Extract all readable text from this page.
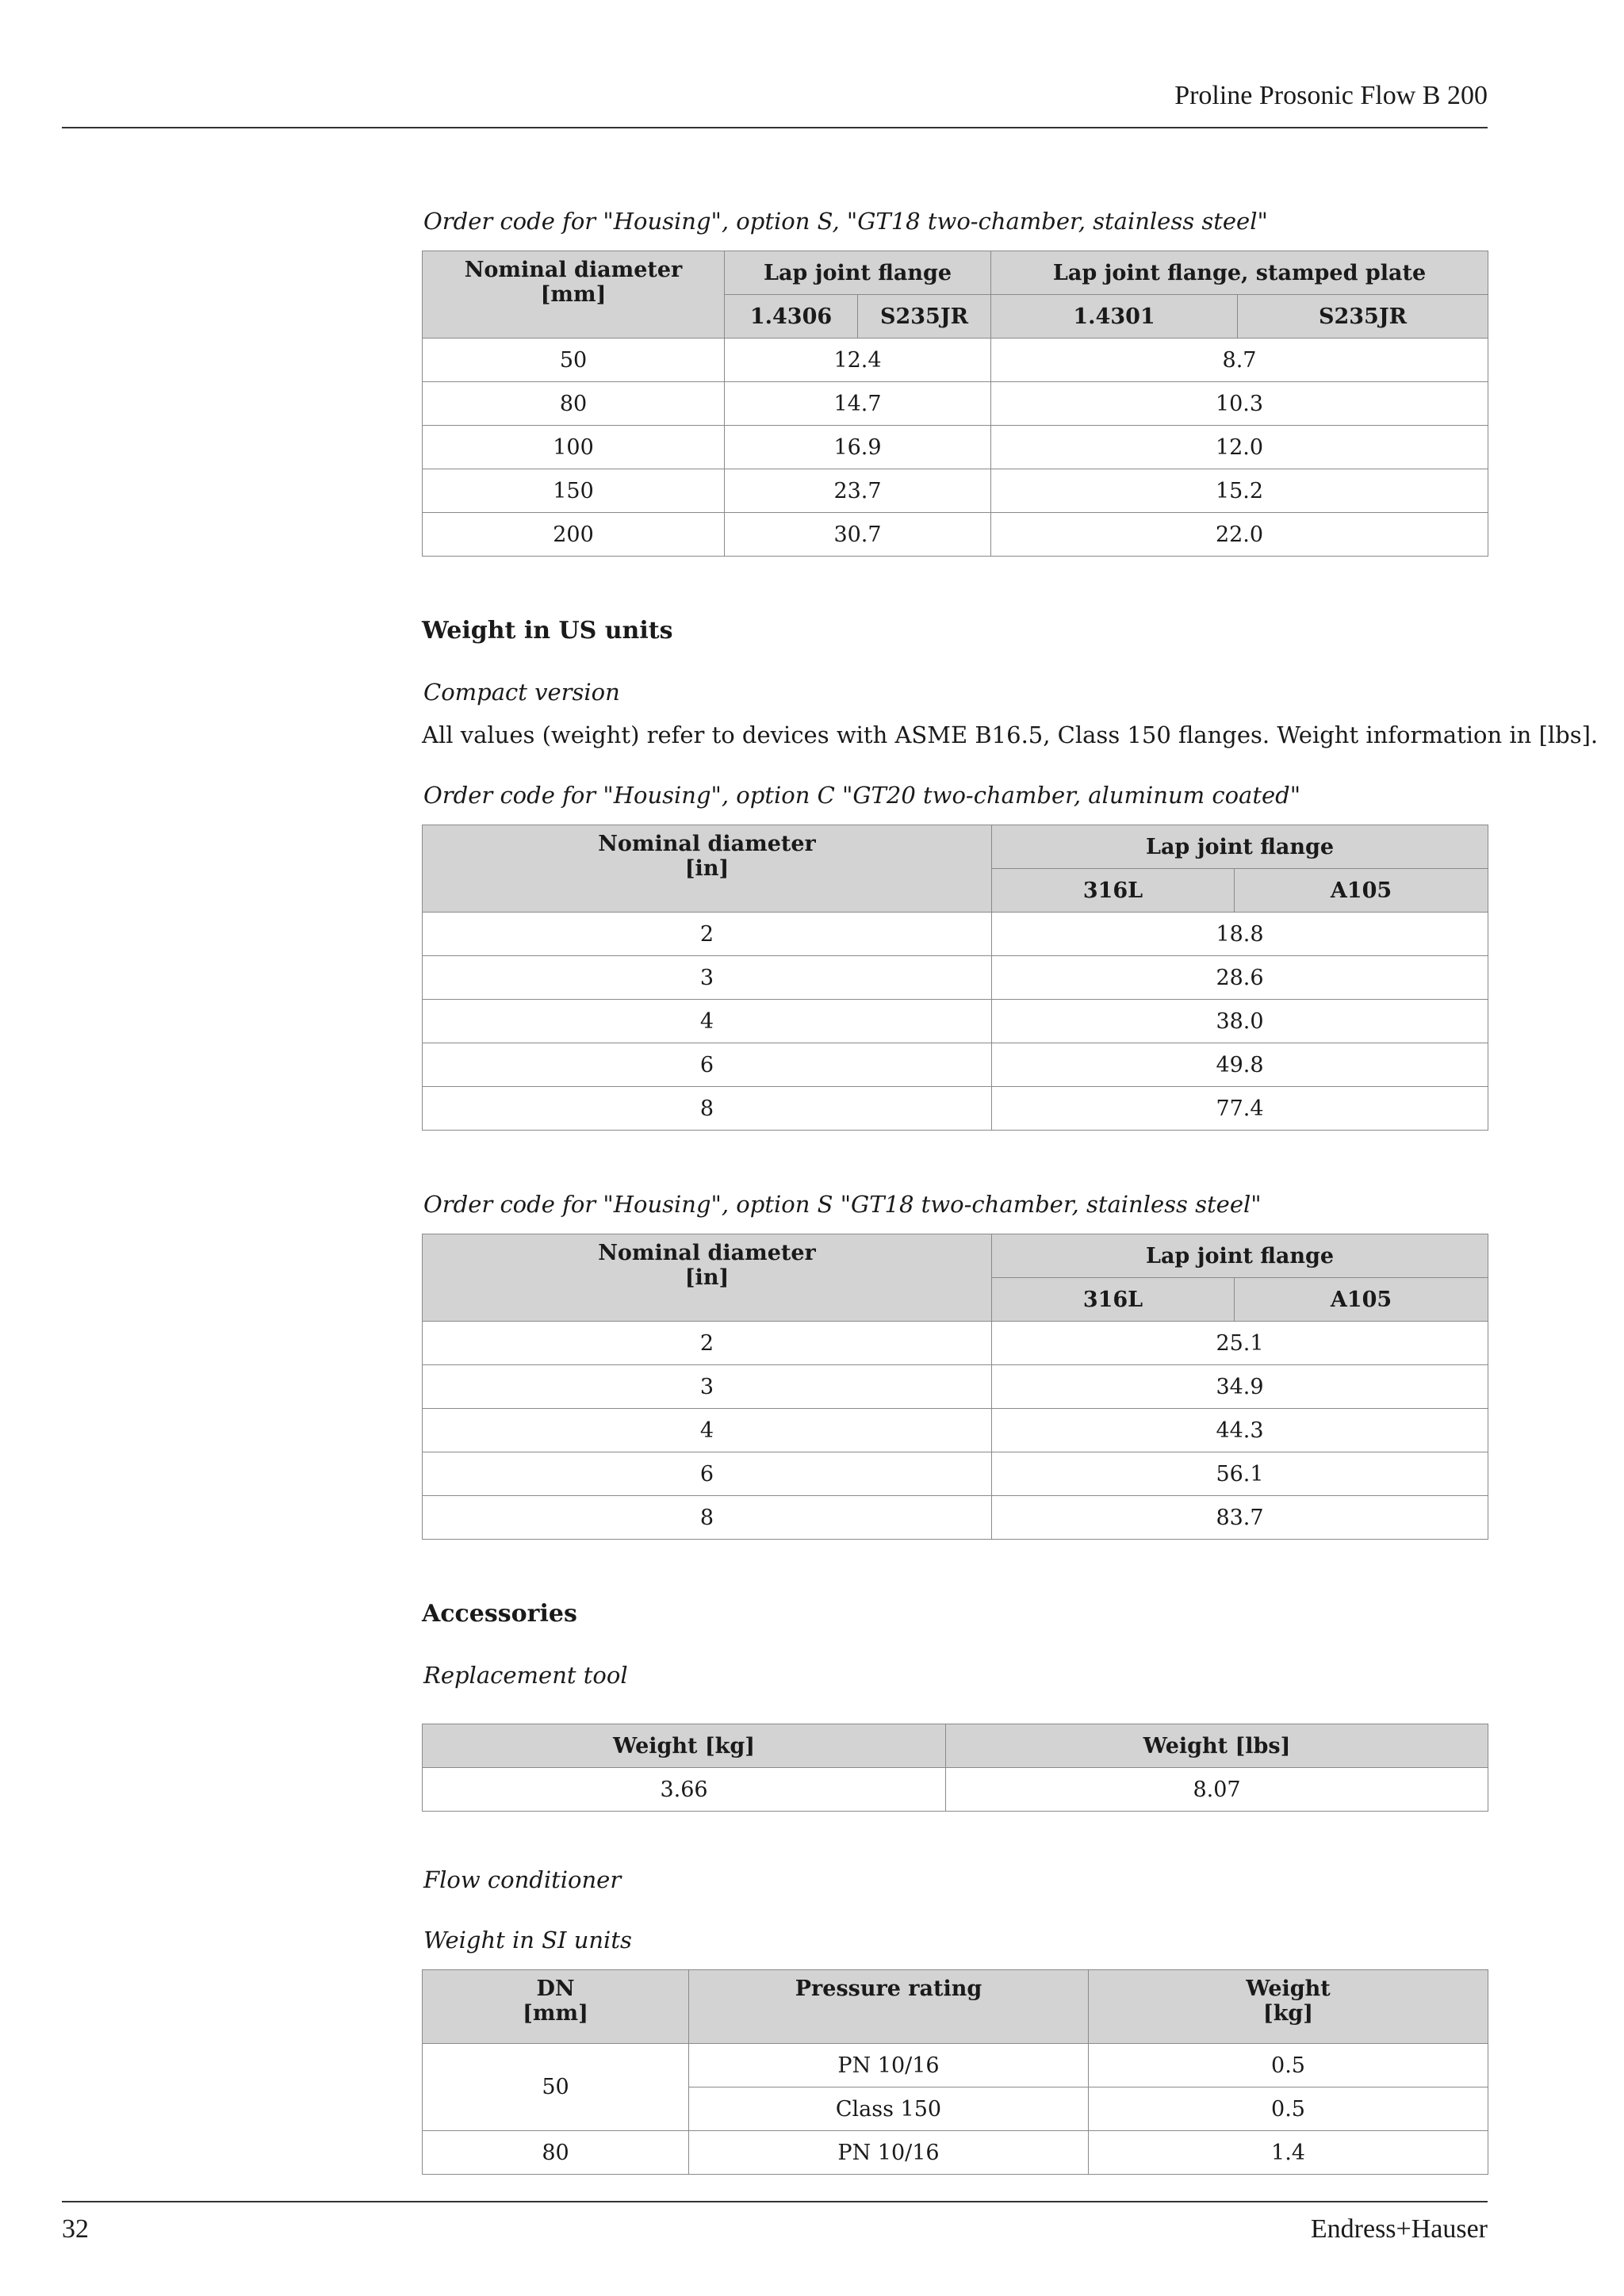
Proline Prosonic Flow B 200
Order code for "Housing", option S, "GT18 two-chamber, stainless steel"
Nominal diameter
[mm]	Lap joint flange		Lap joint flange, stamped plate	
	1.4306	S235JR	1.4301	S235JR
50	12.4		8.7	
80	14.7		10.3	
100	16.9		12.0	
150	23.7		15.2	
200	30.7		22.0	
Weight in US units
Compact version
All values (weight) refer to devices with ASME B16.5, Class 150 flanges. Weight information in [lbs].
Order code for "Housing", option C "GT20 two-chamber, aluminum coated"
Nominal diameter
[in]	Lap joint flange	
	316L	A105
2	18.8	
3	28.6	
4	38.0	
6	49.8	
8	77.4	
Order code for "Housing", option S "GT18 two-chamber, stainless steel"
Nominal diameter
[in]	Lap joint flange	
	316L	A105
2	25.1	
3	34.9	
4	44.3	
6	56.1	
8	83.7	
Accessories
Replacement tool
Weight [kg]	Weight [lbs]
3.66	8.07
Flow conditioner
Weight in SI units
DN
[mm]	Pressure rating	Weight
[kg]

50	PN 10/16	0.5
	Class 150	0.5
80	PN 10/16	1.4
32	Endress+Hauser
